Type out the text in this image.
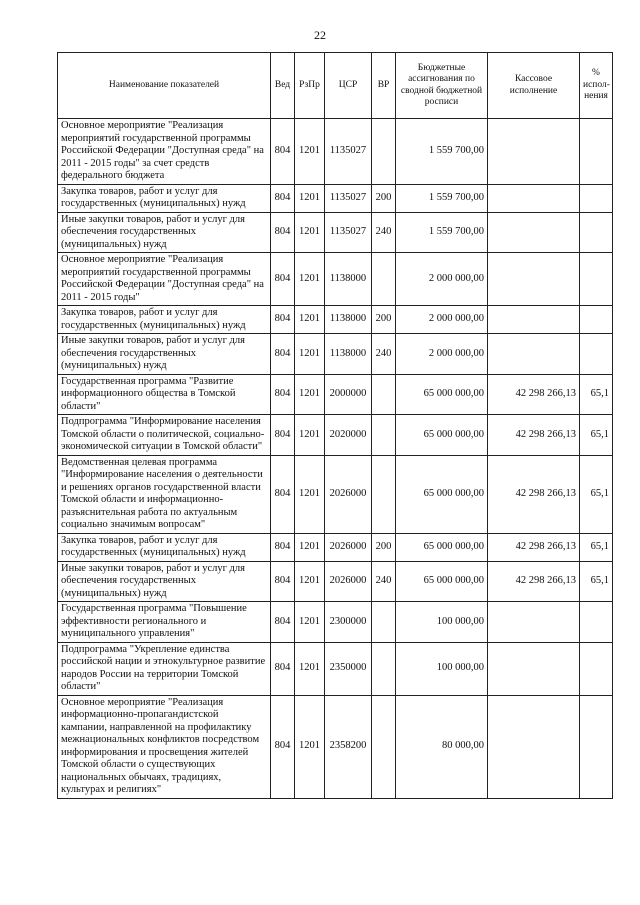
22
Наименование показателей	Вед	РзПр	ЦСР	ВР	Бюджетные ассигнования по сводной бюджетной росписи	Кассовое исполнение	% испол-нения
Основное мероприятие "Реализация мероприятий государственной программы Российской Федерации "Доступная среда" на 2011 - 2015 годы" за счет средств федерального бюджета	804	1201	1135027		1 559 700,00		
Закупка товаров, работ и услуг для государственных (муниципальных) нужд	804	1201	1135027	200	1 559 700,00		
Иные закупки товаров, работ и услуг для обеспечения государственных (муниципальных) нужд	804	1201	1135027	240	1 559 700,00		
Основное мероприятие "Реализация мероприятий государственной программы Российской Федерации "Доступная среда" на 2011 - 2015 годы"	804	1201	1138000		2 000 000,00		
Закупка товаров, работ и услуг для государственных (муниципальных) нужд	804	1201	1138000	200	2 000 000,00		
Иные закупки товаров, работ и услуг для обеспечения государственных (муниципальных) нужд	804	1201	1138000	240	2 000 000,00		
Государственная программа "Развитие информационного общества в Томской области"	804	1201	2000000		65 000 000,00	42 298 266,13	65,1
Подпрограмма "Информирование населения Томской области о политической, социально-экономической ситуации в Томской области"	804	1201	2020000		65 000 000,00	42 298 266,13	65,1
Ведомственная целевая программа "Информирование населения о деятельности и решениях органов государственной власти Томской области и информационно-разъяснительная работа по актуальным социально значимым вопросам"	804	1201	2026000		65 000 000,00	42 298 266,13	65,1
Закупка товаров, работ и услуг для государственных (муниципальных) нужд	804	1201	2026000	200	65 000 000,00	42 298 266,13	65,1
Иные закупки товаров, работ и услуг для обеспечения государственных (муниципальных) нужд	804	1201	2026000	240	65 000 000,00	42 298 266,13	65,1
Государственная программа "Повышение эффективности регионального и муниципального управления"	804	1201	2300000		100 000,00		
Подпрограмма "Укрепление единства российской нации и этнокультурное развитие народов России на территории Томской области"	804	1201	2350000		100 000,00		
Основное мероприятие "Реализация информационно-пропагандистской кампании, направленной на профилактику межнациональных конфликтов посредством информирования и просвещения жителей Томской области о существующих национальных обычаях, традициях, культурах и религиях"	804	1201	2358200		80 000,00		
